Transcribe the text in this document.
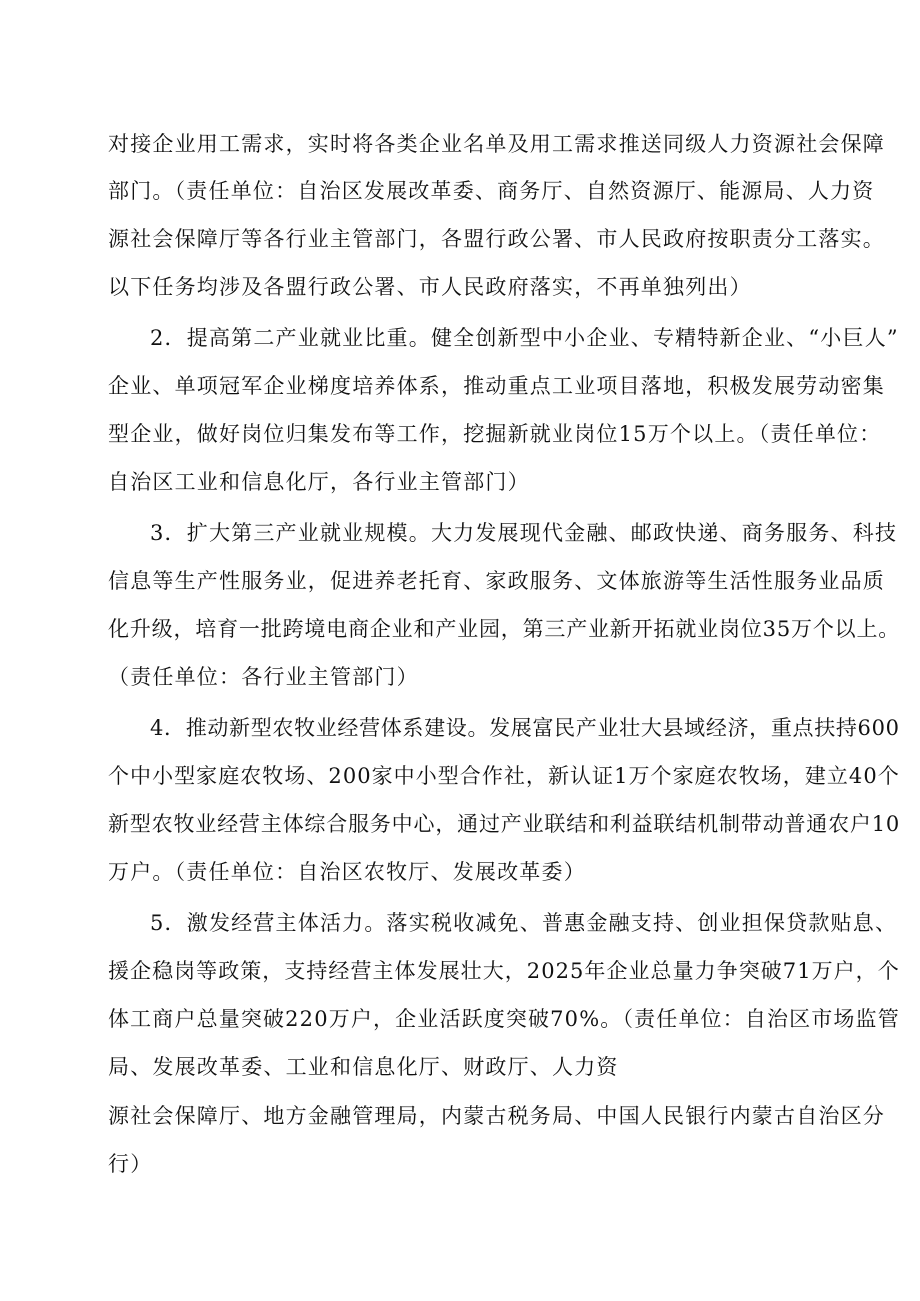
对接企业用工需求，实时将各类企业名单及用工需求推送同级人力资源社会保障
部门。（责任单位：自治区发展改革委、商务厅、自然资源厅、能源局、人力资
源社会保障厅等各行业主管部门，各盟行政公署、市人民政府按职责分工落实。
以下任务均涉及各盟行政公署、市人民政府落实，不再单独列出）
2．提高第二产业就业比重。健全创新型中小企业、专精特新企业、“小巨人”
企业、单项冠军企业梯度培养体系，推动重点工业项目落地，积极发展劳动密集
型企业，做好岗位归集发布等工作，挖掘新就业岗位15万个以上。（责任单位：
自治区工业和信息化厅，各行业主管部门）
3．扩大第三产业就业规模。大力发展现代金融、邮政快递、商务服务、科技
信息等生产性服务业，促进养老托育、家政服务、文体旅游等生活性服务业品质
化升级，培育一批跨境电商企业和产业园，第三产业新开拓就业岗位35万个以上。
（责任单位：各行业主管部门）
4．推动新型农牧业经营体系建设。发展富民产业壮大县域经济，重点扶持600
个中小型家庭农牧场、200家中小型合作社，新认证1万个家庭农牧场，建立40个
新型农牧业经营主体综合服务中心，通过产业联结和利益联结机制带动普通农户10
万户。（责任单位：自治区农牧厅、发展改革委）
5．激发经营主体活力。落实税收减免、普惠金融支持、创业担保贷款贴息、
援企稳岗等政策，支持经营主体发展壮大，2025年企业总量力争突破71万户，个
体工商户总量突破220万户，企业活跃度突破70%。（责任单位：自治区市场监管
局、发展改革委、工业和信息化厅、财政厅、人力资
源社会保障厅、地方金融管理局，内蒙古税务局、中国人民银行内蒙古自治区分
行）
